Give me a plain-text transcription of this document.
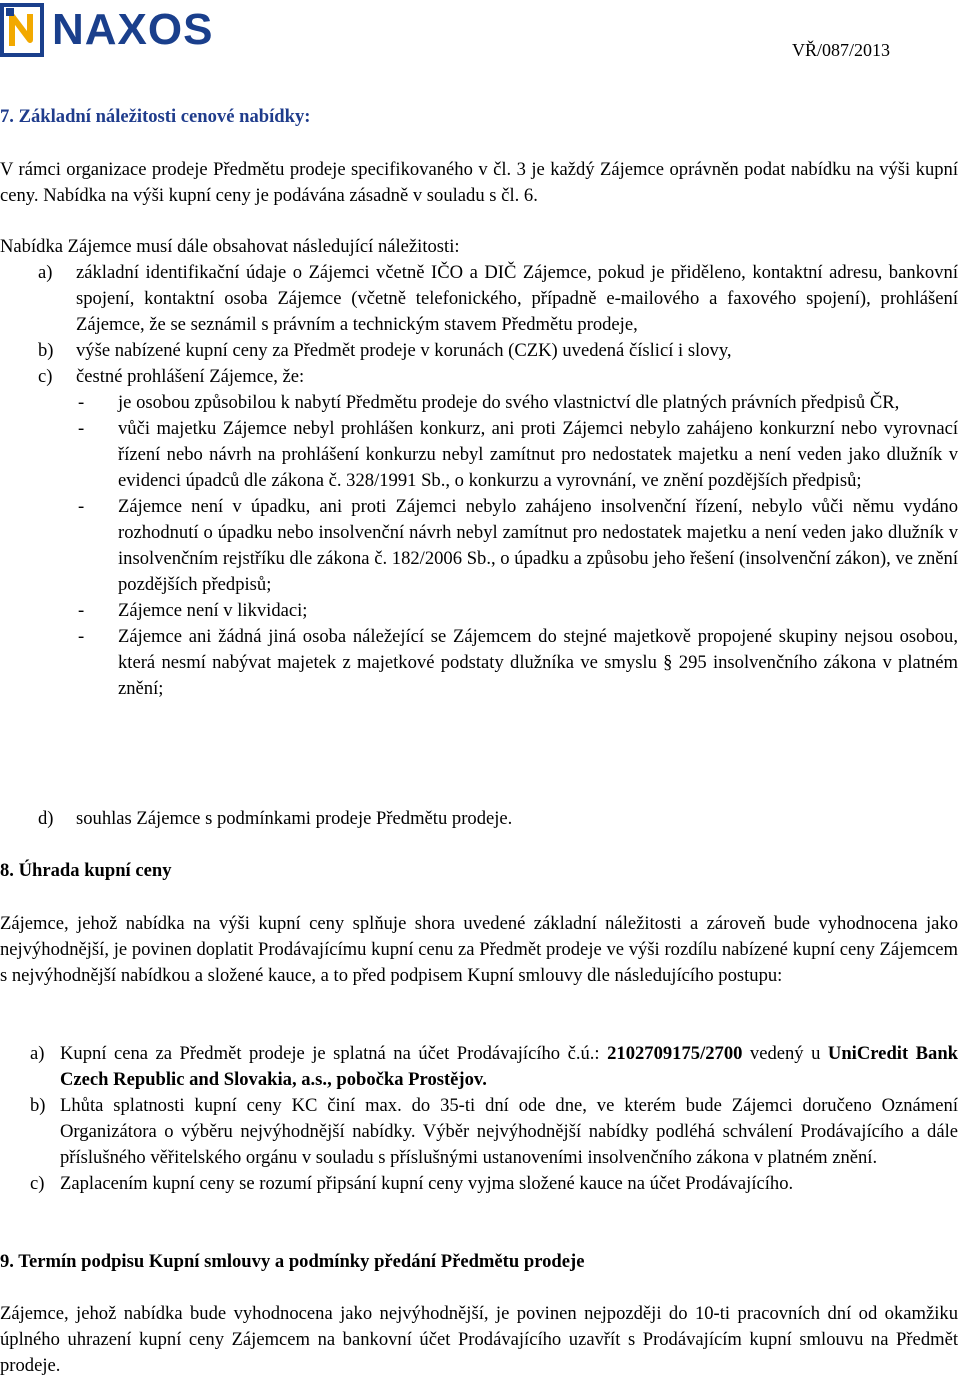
NAXOS	VŘ/087/2013
7. Základní náležitosti cenové nabídky:

V rámci organizace prodeje Předmětu prodeje specifikovaného v čl. 3 je každý Zájemce oprávněn podat nabídku na výši kupní ceny. Nabídka na výši kupní ceny je podávána zásadně v souladu s čl. 6.

Nabídka Zájemce musí dále obsahovat následující náležitosti:

a) základní identifikační údaje o Zájemci včetně IČO a DIČ Zájemce, pokud je přiděleno, kontaktní adresu, bankovní spojení, kontaktní osoba Zájemce (včetně telefonického, případně e-mailového a faxového spojení), prohlášení Zájemce, že se seznámil s právním a technickým stavem Předmětu prodeje,
b) výše nabízené kupní ceny za Předmět prodeje v korunách (CZK) uvedená číslicí i slovy,
c) čestné prohlášení Zájemce, že:
- je osobou způsobilou k nabytí Předmětu prodeje do svého vlastnictví dle platných právních předpisů ČR,
- vůči majetku Zájemce nebyl prohlášen konkurz, ani proti Zájemci nebylo zahájeno konkurzní nebo vyrovnací řízení nebo návrh na prohlášení konkurzu nebyl zamítnut pro nedostatek majetku a není veden jako dlužník v evidenci úpadců dle zákona č. 328/1991 Sb., o konkurzu a vyrovnání, ve znění pozdějších předpisů;
- Zájemce není v úpadku, ani proti Zájemci nebylo zahájeno insolvenční řízení, nebylo vůči němu vydáno rozhodnutí o úpadku nebo insolvenční návrh nebyl zamítnut pro nedostatek majetku a není veden jako dlužník v insolvenčním rejstříku dle zákona č. 182/2006 Sb., o úpadku a způsobu jeho řešení (insolvenční zákon), ve znění pozdějších předpisů;
- Zájemce není v likvidaci;
- Zájemce ani žádná jiná osoba náležející se Zájemcem do stejné majetkově propojené skupiny nejsou osobou, která nesmí nabývat majetek z majetkové podstaty dlužníka ve smyslu § 295 insolvenčního zákona v platném znění;
d) souhlas Zájemce s podmínkami prodeje Předmětu prodeje.
8. Úhrada kupní ceny

Zájemce, jehož nabídka na výši kupní ceny splňuje shora uvedené základní náležitosti a zároveň bude vyhodnocena jako nejvýhodnější, je povinen doplatit Prodávajícímu kupní cenu za Předmět prodeje ve výši rozdílu nabízené kupní ceny Zájemcem s nejvýhodnější nabídkou a složené kauce, a to před podpisem Kupní smlouvy dle následujícího postupu:

a) Kupní cena za Předmět prodeje je splatná na účet Prodávajícího č.ú.: 2102709175/2700 vedený u UniCredit Bank Czech Republic and Slovakia, a.s., pobočka Prostějov.
b) Lhůta splatnosti kupní ceny KC činí max. do 35-ti dní ode dne, ve kterém bude Zájemci doručeno Oznámení Organizátora o výběru nejvýhodnější nabídky. Výběr nejvýhodnější nabídky podléhá schválení Prodávajícího a dále příslušného věřitelského orgánu v souladu s příslušnými ustanoveními insolvenčního zákona v platném znění.
c) Zaplacením kupní ceny se rozumí připsání kupní ceny vyjma složené kauce na účet Prodávajícího.
9. Termín podpisu Kupní smlouvy a podmínky předání Předmětu prodeje

Zájemce, jehož nabídka bude vyhodnocena jako nejvýhodnější, je povinen nejpozději do 10-ti pracovních dní od okamžiku úplného uhrazení kupní ceny Zájemcem na bankovní účet Prodávajícího uzavřít s Prodávajícím kupní smlouvu na Předmět prodeje.
